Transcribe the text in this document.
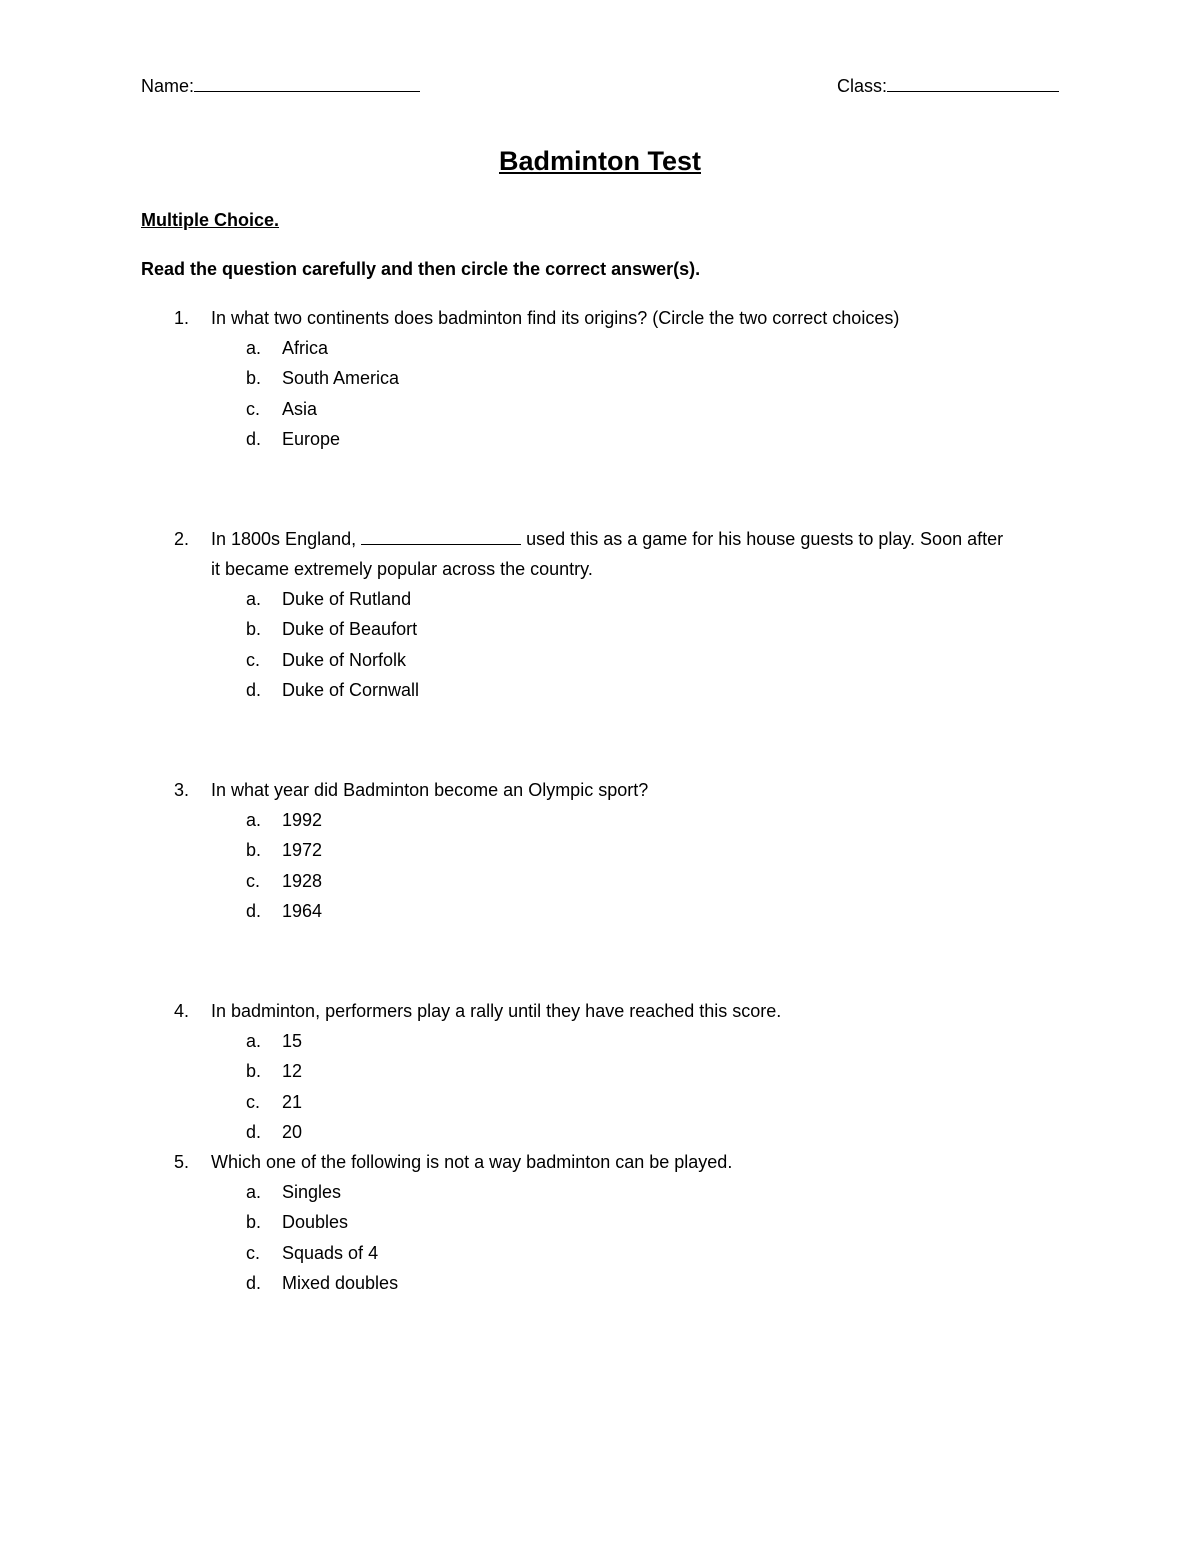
Name:	Class:
Badminton Test
Multiple Choice.
Read the question carefully and then circle the correct answer(s).
1. In what two continents does badminton find its origins? (Circle the two correct choices)
a. Africa
b. South America
c. Asia
d. Europe
2. In 1800s England,	used this as a game for his house guests to play. Soon after
it became extremely popular across the country.
a. Duke of Rutland
b. Duke of Beaufort
c. Duke of Norfolk
d. Duke of Cornwall
3. In what year did Badminton become an Olympic sport?
a. 1992
b. 1972
c. 1928
d. 1964
4. In badminton, performers play a rally until they have reached this score.
a. 15
b. 12
c. 21
d. 20
5. Which one of the following is not a way badminton can be played.
a. Singles
b. Doubles
c. Squads of 4
d. Mixed doubles
